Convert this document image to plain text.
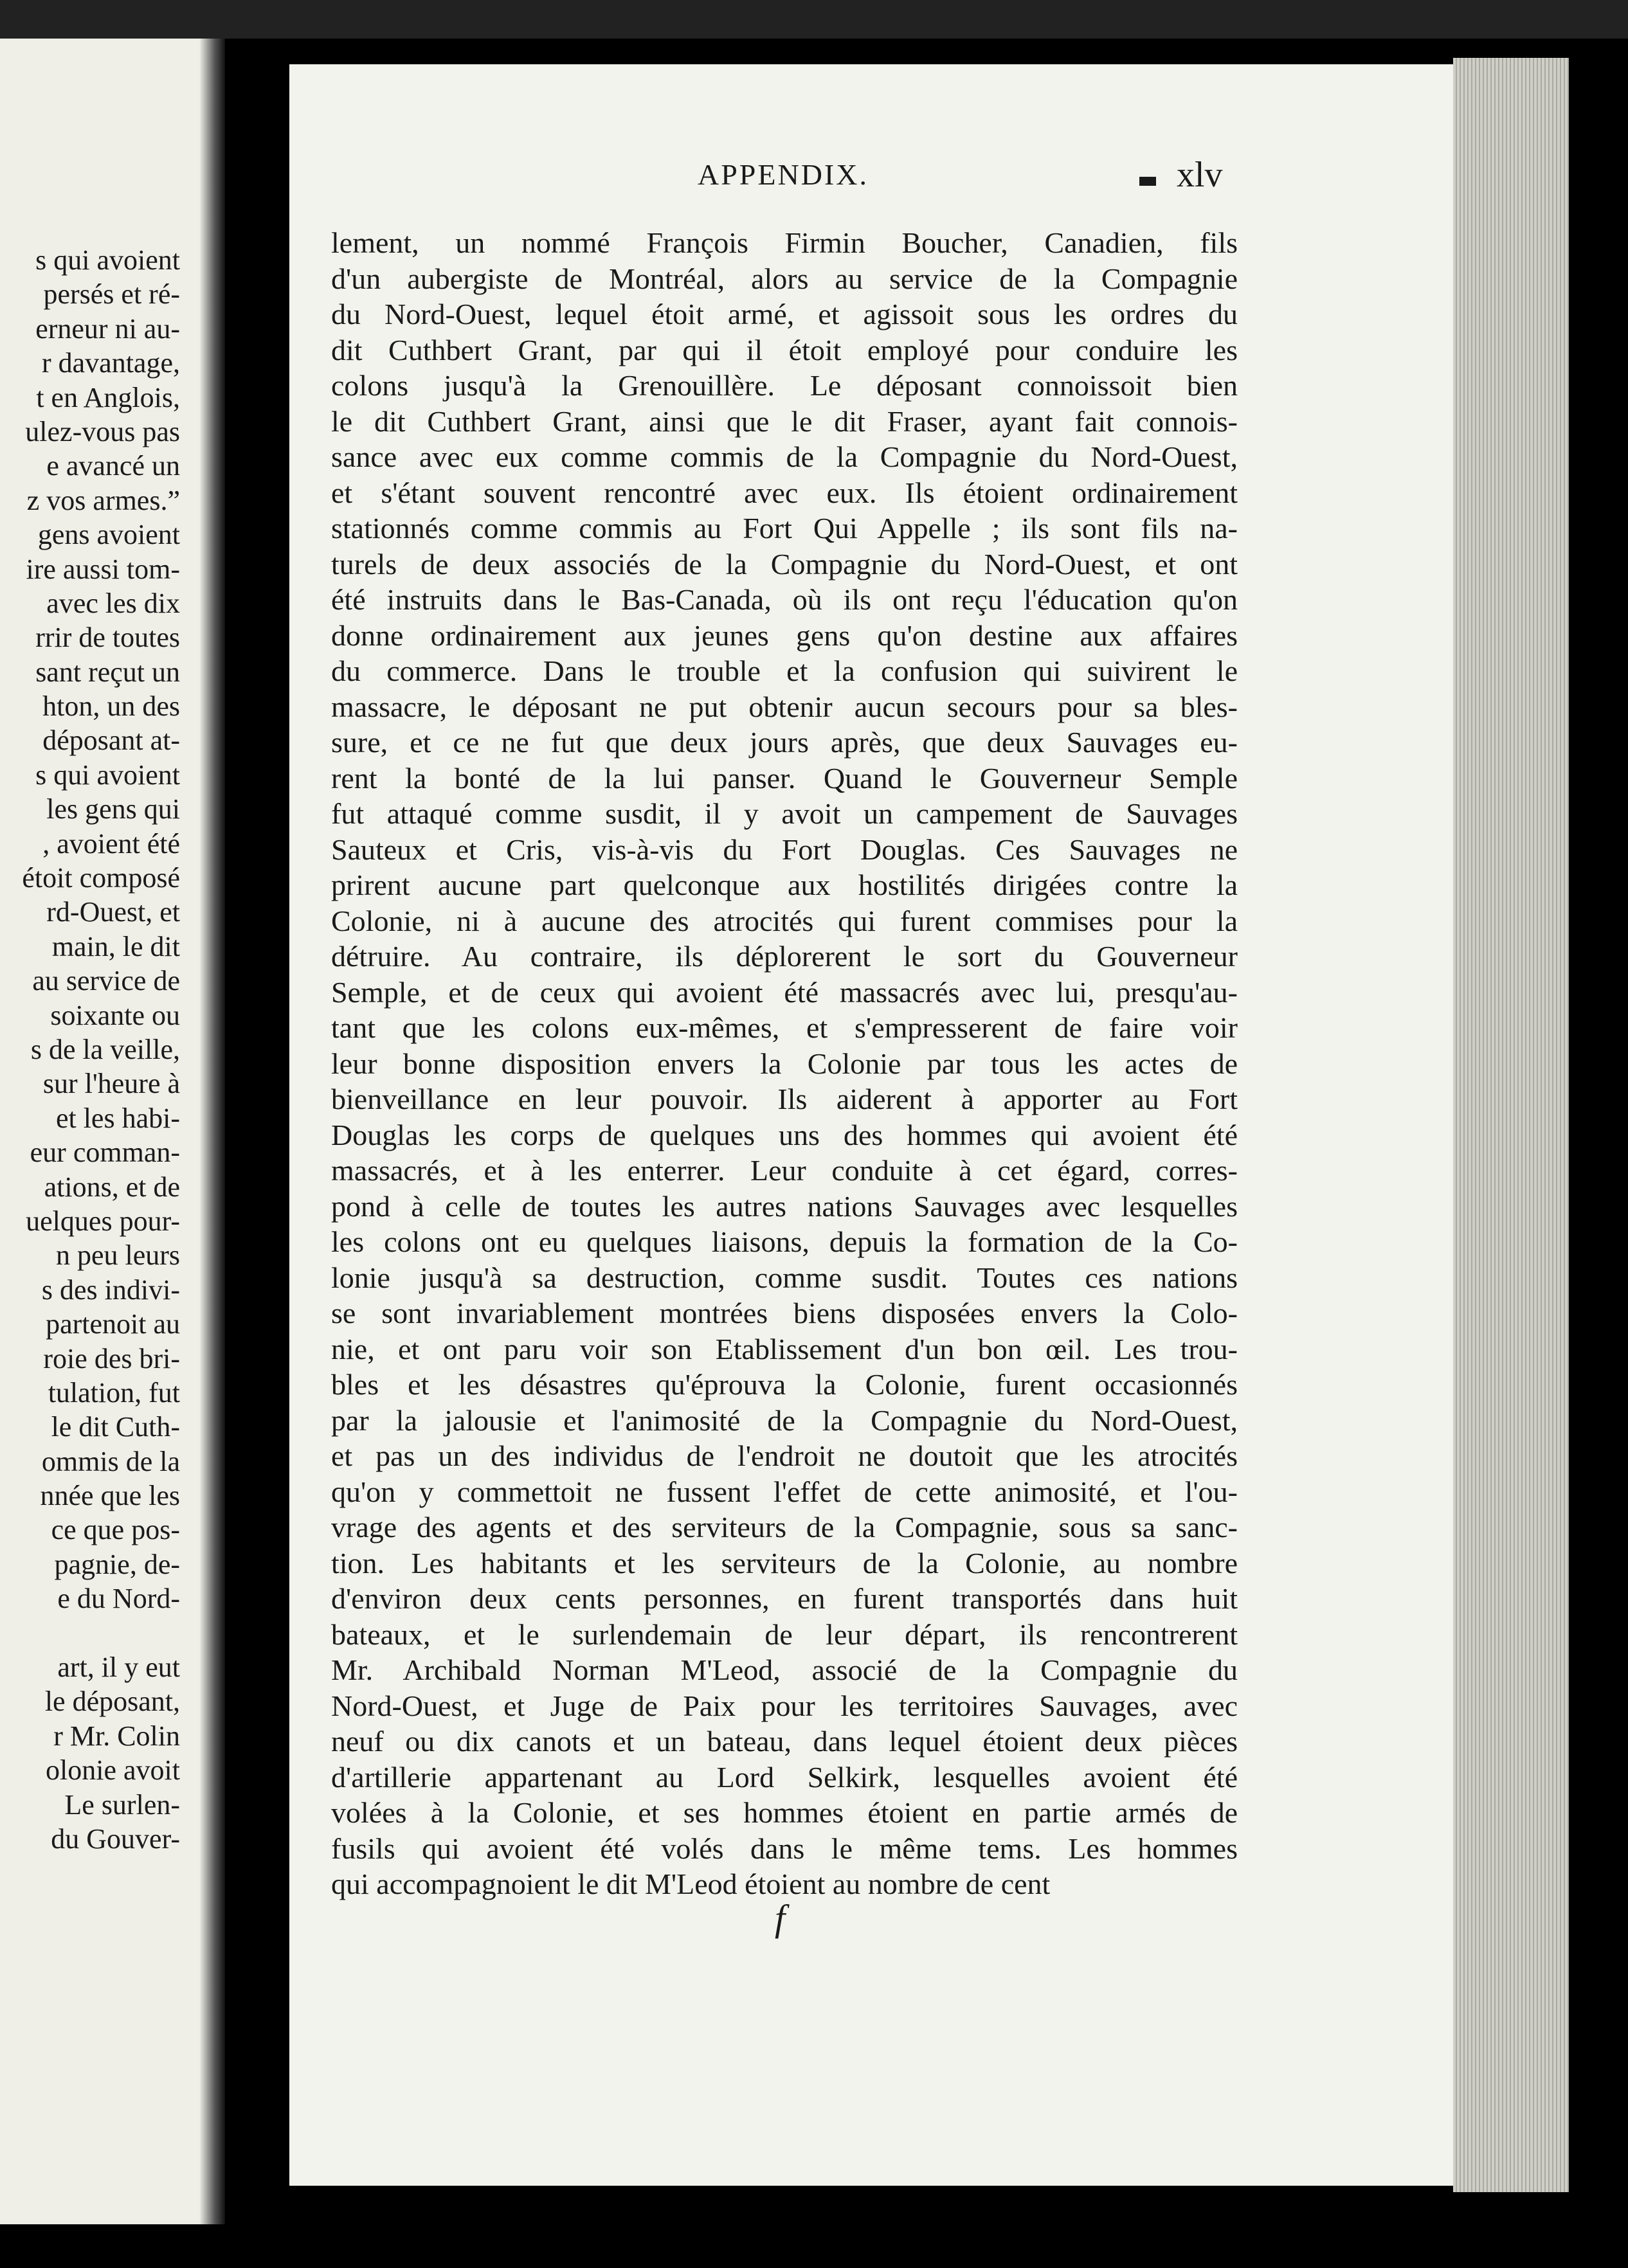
s qui avoient
persés et ré-
erneur ni au-
r davantage,
t en Anglois,
ulez-vous pas
e avancé un
z vos armes.”
gens avoient
ire aussi tom-
avec les dix
rrir de toutes
sant reçut un
hton, un des
déposant at-
s qui avoient
les gens qui
, avoient été
étoit composé
rd-Ouest, et
main, le dit
au service de
soixante ou
s de la veille,
sur l'heure à
et les habi-
eur comman-
ations, et de
uelques pour-
n peu leurs
s des indivi-
partenoit au
roie des bri-
tulation, fut
le dit Cuth-
ommis de la
nnée que les
ce que pos-
pagnie, de-
e du Nord-
art, il y eut
le déposant,
r Mr. Colin
olonie avoit
Le surlen-
du Gouver-
APPENDIX.	xlv
lement, un nommé François Firmin Boucher, Canadien, fils
d'un aubergiste de Montréal, alors au service de la Compagnie
du Nord-Ouest, lequel étoit armé, et agissoit sous les ordres du
dit Cuthbert Grant, par qui il étoit employé pour conduire les
colons jusqu'à la Grenouillère. Le déposant connoissoit bien
le dit Cuthbert Grant, ainsi que le dit Fraser, ayant fait connois-
sance avec eux comme commis de la Compagnie du Nord-Ouest,
et s'étant souvent rencontré avec eux. Ils étoient ordinairement
stationnés comme commis au Fort Qui Appelle ; ils sont fils na-
turels de deux associés de la Compagnie du Nord-Ouest, et ont
été instruits dans le Bas-Canada, où ils ont reçu l'éducation qu'on
donne ordinairement aux jeunes gens qu'on destine aux affaires
du commerce. Dans le trouble et la confusion qui suivirent le
massacre, le déposant ne put obtenir aucun secours pour sa bles-
sure, et ce ne fut que deux jours après, que deux Sauvages eu-
rent la bonté de la lui panser. Quand le Gouverneur Semple
fut attaqué comme susdit, il y avoit un campement de Sauvages
Sauteux et Cris, vis-à-vis du Fort Douglas. Ces Sauvages ne
prirent aucune part quelconque aux hostilités dirigées contre la
Colonie, ni à aucune des atrocités qui furent commises pour la
détruire. Au contraire, ils déplorerent le sort du Gouverneur
Semple, et de ceux qui avoient été massacrés avec lui, presqu'au-
tant que les colons eux-mêmes, et s'empresserent de faire voir
leur bonne disposition envers la Colonie par tous les actes de
bienveillance en leur pouvoir. Ils aiderent à apporter au Fort
Douglas les corps de quelques uns des hommes qui avoient été
massacrés, et à les enterrer. Leur conduite à cet égard, corres-
pond à celle de toutes les autres nations Sauvages avec lesquelles
les colons ont eu quelques liaisons, depuis la formation de la Co-
lonie jusqu'à sa destruction, comme susdit. Toutes ces nations
se sont invariablement montrées biens disposées envers la Colo-
nie, et ont paru voir son Etablissement d'un bon œil. Les trou-
bles et les désastres qu'éprouva la Colonie, furent occasionnés
par la jalousie et l'animosité de la Compagnie du Nord-Ouest,
et pas un des individus de l'endroit ne doutoit que les atrocités
qu'on y commettoit ne fussent l'effet de cette animosité, et l'ou-
vrage des agents et des serviteurs de la Compagnie, sous sa sanc-
tion. Les habitants et les serviteurs de la Colonie, au nombre
d'environ deux cents personnes, en furent transportés dans huit
bateaux, et le surlendemain de leur départ, ils rencontrerent
Mr. Archibald Norman M'Leod, associé de la Compagnie du
Nord-Ouest, et Juge de Paix pour les territoires Sauvages, avec
neuf ou dix canots et un bateau, dans lequel étoient deux pièces
d'artillerie appartenant au Lord Selkirk, lesquelles avoient été
volées à la Colonie, et ses hommes étoient en partie armés de
fusils qui avoient été volés dans le même tems. Les hommes
qui accompagnoient le dit M'Leod étoient au nombre de cent
f
